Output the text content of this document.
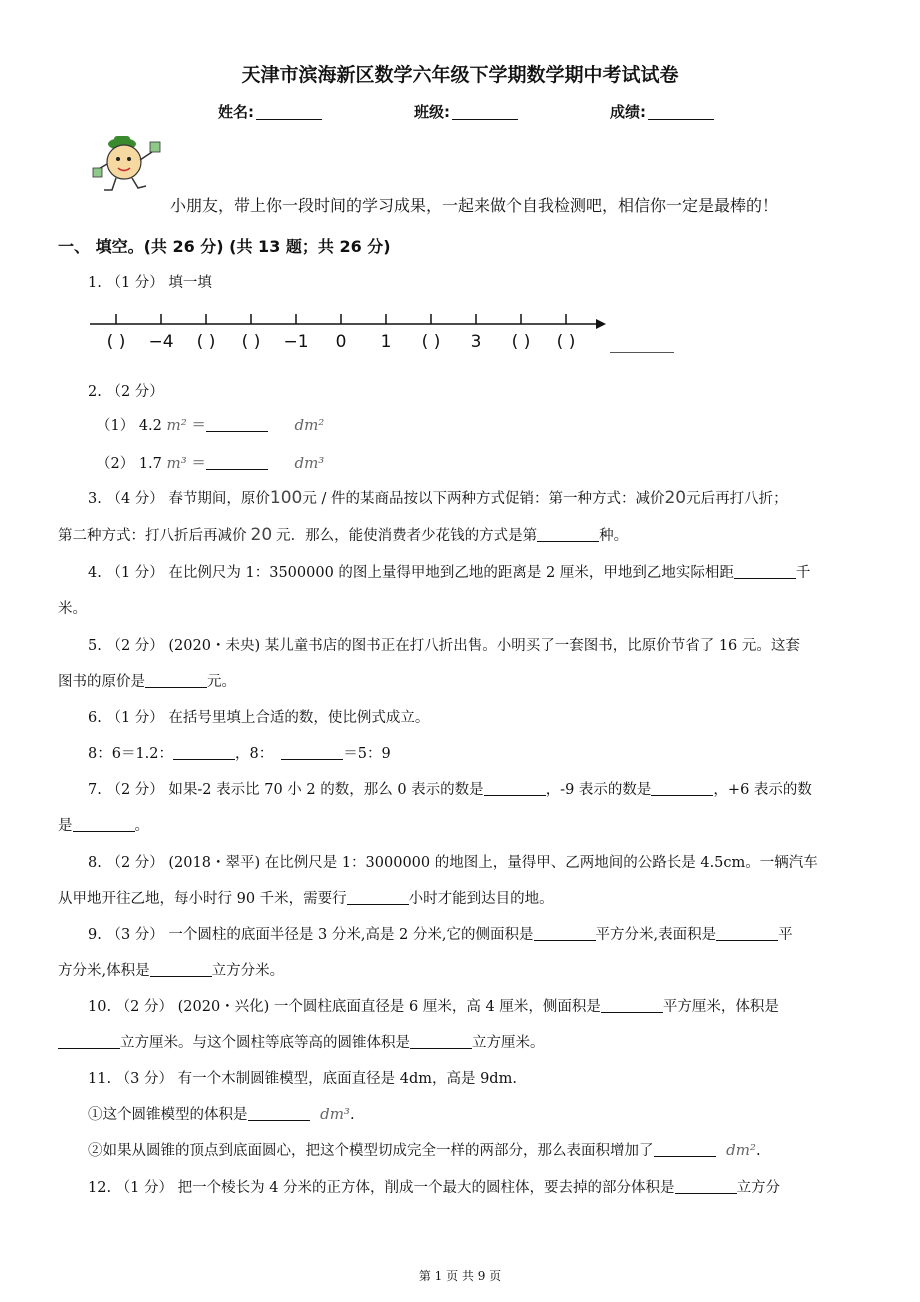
天津市滨海新区数学六年级下学期数学期中考试试卷
姓名:	班级:	成绩:
小朋友，带上你一段时间的学习成果，一起来做个自我检测吧，相信你一定是最棒的！
一、 填空。(共 26 分) (共 13 题；共 26 分)
1. （1 分） 填一填
( ) −4 ( ) ( ) −1 0 1 ( ) 3 ( ) ( )
2. （2 分）
（1） 4.2 m² ＝	dm²
（2） 1.7 m³ ＝	dm³
3. （4 分） 春节期间，原价100元 / 件的某商品按以下两种方式促销：第一种方式：减价20元后再打八折；
第二种方式：打八折后再减价 20 元．那么，能使消费者少花钱的方式是第	种。
4. （1 分） 在比例尺为 1：3500000 的图上量得甲地到乙地的距离是 2 厘米，甲地到乙地实际相距	千
米。
5. （2 分） (2020・未央) 某儿童书店的图书正在打八折出售。小明买了一套图书，比原价节省了 16 元。这套
图书的原价是	元。
6. （1 分） 在括号里填上合适的数，使比例式成立。
8：6＝1.2：	，8：	＝5：9
7. （2 分） 如果-2 表示比 70 小 2 的数，那么 0 表示的数是	，-9 表示的数是	，+6 表示的数
是	。
8. （2 分） (2018・翠平) 在比例尺是 1：3000000 的地图上，量得甲、乙两地间的公路长是 4.5cm。一辆汽车
从甲地开往乙地，每小时行 90 千米，需要行	小时才能到达目的地。
9. （3 分） 一个圆柱的底面半径是 3 分米,高是 2 分米,它的侧面积是	平方分米,表面积是	平
方分米,体积是	立方分米。
10. （2 分） (2020・兴化) 一个圆柱底面直径是 6 厘米，高 4 厘米，侧面积是	平方厘米，体积是
立方厘米。与这个圆柱等底等高的圆锥体积是	立方厘米。
11. （3 分） 有一个木制圆锥模型，底面直径是 4dm，高是 9dm.
①这个圆锥模型的体积是	dm³.
②如果从圆锥的顶点到底面圆心，把这个模型切成完全一样的两部分，那么表面积增加了	dm².
12. （1 分） 把一个棱长为 4 分米的正方体，削成一个最大的圆柱体，要去掉的部分体积是	立方分
第 1 页 共 9 页
